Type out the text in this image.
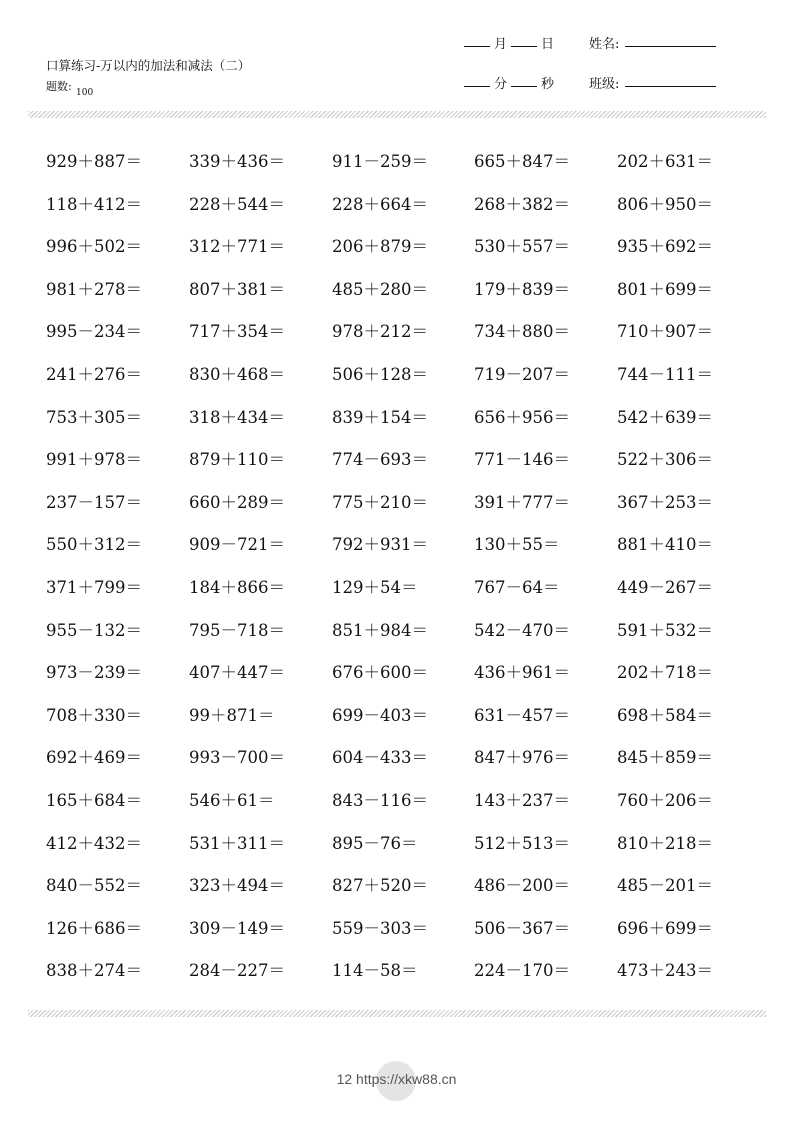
口算练习-万以内的加法和减法（二）
题数: 100
月	日
分	秒
姓名:
班级:
929＋887＝	339＋436＝	911－259＝	665＋847＝	202＋631＝
118＋412＝	228＋544＝	228＋664＝	268＋382＝	806＋950＝
996＋502＝	312＋771＝	206＋879＝	530＋557＝	935＋692＝
981＋278＝	807＋381＝	485＋280＝	179＋839＝	801＋699＝
995－234＝	717＋354＝	978＋212＝	734＋880＝	710＋907＝
241＋276＝	830＋468＝	506＋128＝	719－207＝	744－111＝
753＋305＝	318＋434＝	839＋154＝	656＋956＝	542＋639＝
991＋978＝	879＋110＝	774－693＝	771－146＝	522＋306＝
237－157＝	660＋289＝	775＋210＝	391＋777＝	367＋253＝
550＋312＝	909－721＝	792＋931＝	130＋55＝	881＋410＝
371＋799＝	184＋866＝	129＋54＝	767－64＝	449－267＝
955－132＝	795－718＝	851＋984＝	542－470＝	591＋532＝
973－239＝	407＋447＝	676＋600＝	436＋961＝	202＋718＝
708＋330＝	99＋871＝	699－403＝	631－457＝	698＋584＝
692＋469＝	993－700＝	604－433＝	847＋976＝	845＋859＝
165＋684＝	546＋61＝	843－116＝	143＋237＝	760＋206＝
412＋432＝	531＋311＝	895－76＝	512＋513＝	810＋218＝
840－552＝	323＋494＝	827＋520＝	486－200＝	485－201＝
126＋686＝	309－149＝	559－303＝	506－367＝	696＋699＝
838＋274＝	284－227＝	114－58＝	224－170＝	473＋243＝
12 https://xkw88.cn
